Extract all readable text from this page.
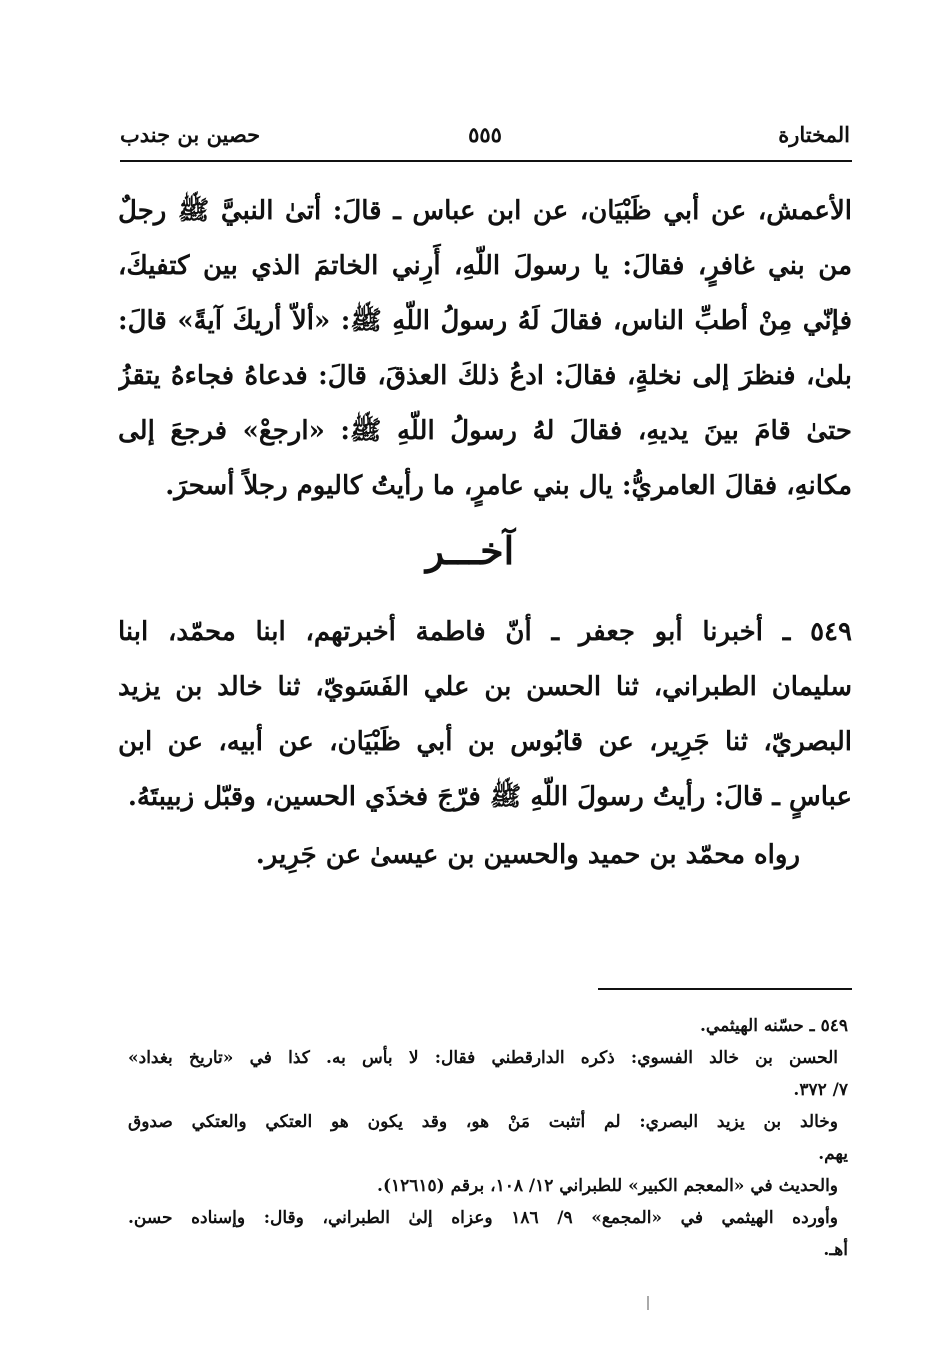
المختارة
٥٥٥
حصين بن جندب
الأعمش، عن أبي ظَبْيَان، عن ابن عباس ـ قالَ: أتىٰ النبيَّ ﷺ رجلٌ
من بني غافرٍ، فقالَ: يا رسولَ اللّهِ، أَرِني الخاتمَ الذي بين كتفيكَ،
فإنّي مِنْ أطبِّ الناس، فقالَ لَهُ رسولُ اللّهِ ﷺ: «ألاّ أريكَ آيةً» قالَ:
بلىٰ، فنظرَ إلى نخلةٍ، فقالَ: ادعُ ذلكَ العذقَ، قالَ: فدعاهُ فجاءهُ يتقزُ
حتىٰ قامَ بينَ يديهِ، فقالَ لهُ رسولُ اللّهِ ﷺ: «ارجعْ» فرجعَ إلى
مكانهِ، فقالَ العامريُّ: يال بني عامرٍ، ما رأيتُ كاليوم رجلاً أسحرَ.
آخـــر
٥٤٩ ـ أخبرنا أبو جعفر ـ أنّ فاطمة أخبرتهم، ابنا محمّد، ابنا
سليمان الطبراني، ثنا الحسن بن علي الفَسَويّ، ثنا خالد بن يزيد
البصريّ، ثنا جَرِير، عن قابُوس بن أبي ظَبْيَان، عن أبيه، عن ابن
عباسٍ ـ قالَ: رأيتُ رسولَ اللّهِ ﷺ فرّجَ فخذَي الحسين، وقبّل زبيبتَهُ.
رواه محمّد بن حميد والحسين بن عيسىٰ عن جَرِير.
٥٤٩ ـ حسّنه الهيثمي.
الحسن بن خالد الفسوي: ذكره الدارقطني فقال: لا بأس به. كذا في «تاريخ بغداد»
٧/ ٣٧٢.
وخالد بن يزيد البصري: لم أتثبت مَنْ هو، وقد يكون هو العتكي والعتكي صدوق
يهم.
والحديث في «المعجم الكبير» للطبراني ١٢/ ١٠٨، برقم (١٢٦١٥).
وأورده الهيثمي في «المجمع» ٩/ ١٨٦ وعزاه إلىٰ الطبراني، وقال: وإسناده حسن.
أهـ.
